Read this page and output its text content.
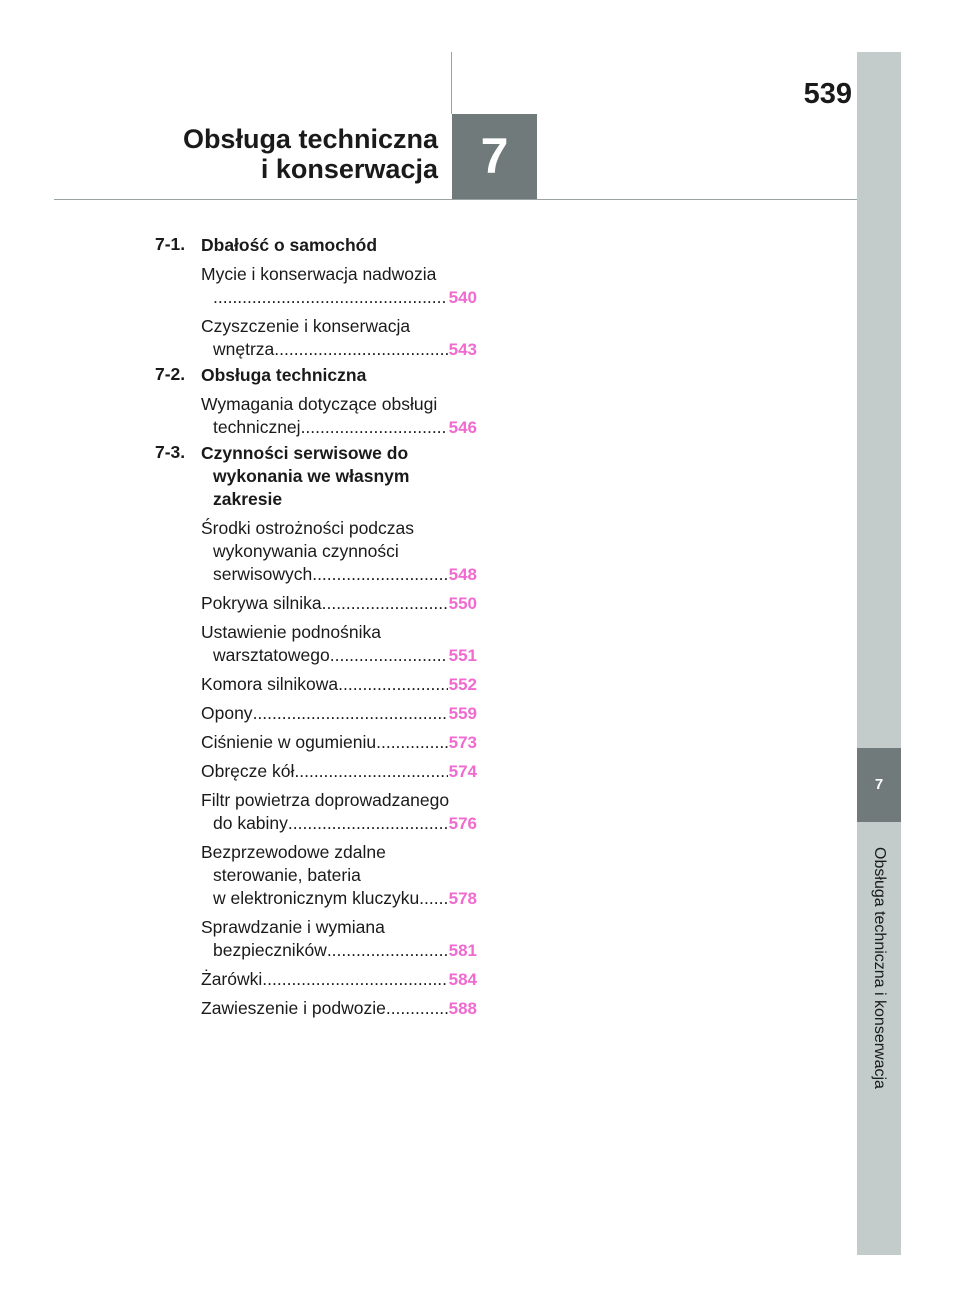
539
Obsługa techniczna
i konserwacja 7
7
Obsługa techniczna i konserwacja
7-1. Dbałość o samochód
Mycie i konserwacja nadwozia
.....
540
Czyszczenie i konserwacja
wnętrza .....	543
7-2. Obsługa techniczna
Wymagania dotyczące obsługi
technicznej .....	546
7-3. Czynności serwisowe do
wykonania we własnym
zakresie
Środki ostrożności podczas
wykonywania czynności
serwisowych .....	548
Pokrywa silnika .....	550
Ustawienie podnośnika
warsztatowego .....	551
Komora silnikowa .....	552
Opony .....	559
Ciśnienie w ogumieniu .....	573
Obręcze kół .....	574
Filtr powietrza doprowadzanego
do kabiny .....	576
Bezprzewodowe zdalne
sterowanie, bateria
w elektronicznym kluczyku ..... 578
Sprawdzanie i wymiana
bezpieczników .....	581
Żarówki .....	584
Zawieszenie i podwozie .....	588
